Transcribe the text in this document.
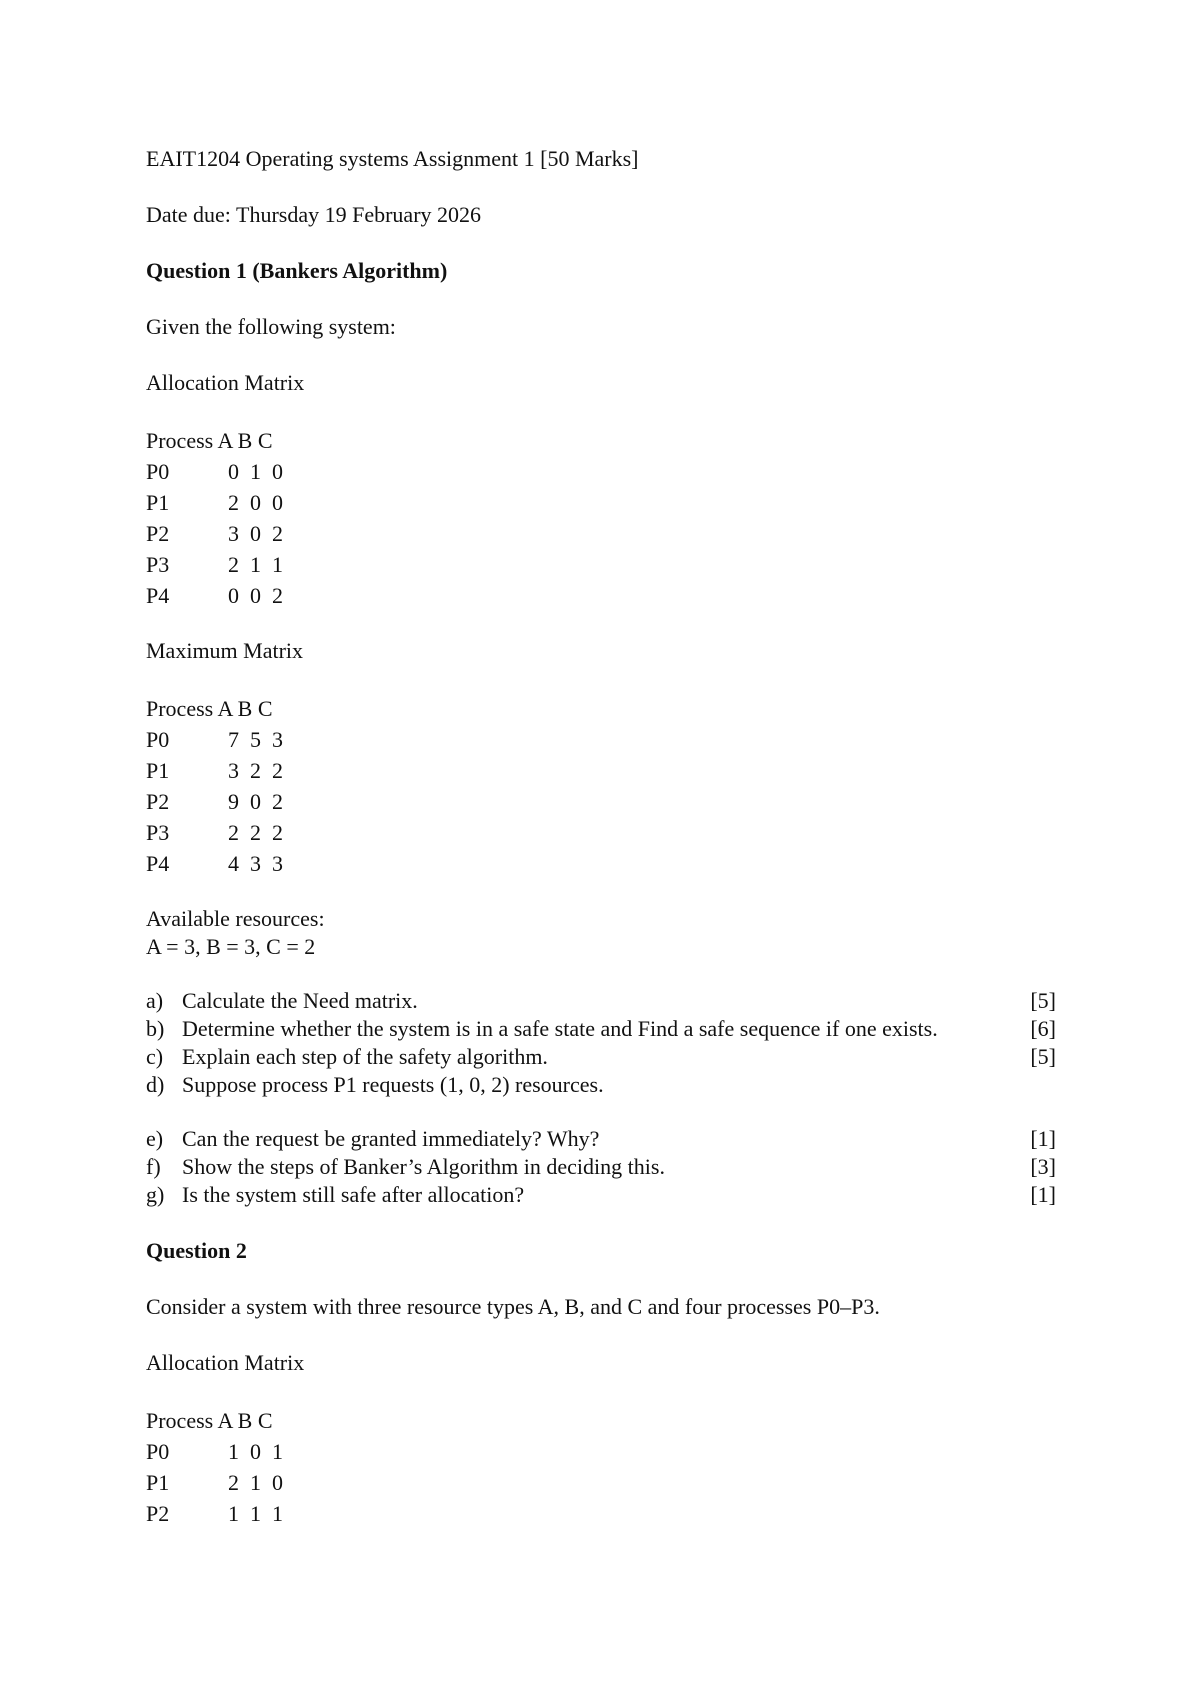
EAIT1204 Operating systems Assignment 1 [50 Marks]

Date due: Thursday 19 February 2026

Question 1 (Bankers Algorithm)

Given the following system:

Allocation Matrix

Process A B C
P0	0 1 0
P1	2 0 0
P2	3 0 2
P3	2 1 1
P4	0 0 2

Maximum Matrix

Process A B C
P0	7 5 3
P1	3 2 2
P2	9 0 2
P3	2 2 2
P4	4 3 3

Available resources:

A = 3, B = 3, C = 2

a) Calculate the Need matrix.	[5]
b) Determine whether the system is in a safe state and Find a safe sequence if one exists.	[6]
c) Explain each step of the safety algorithm.	[5]
d) Suppose process P1 requests (1, 0, 2) resources.
e) Can the request be granted immediately? Why?	[1]
f) Show the steps of Banker’s Algorithm in deciding this.	[3]
g) Is the system still safe after allocation?	[1]

Question 2

Consider a system with three resource types A, B, and C and four processes P0–P3.

Allocation Matrix

Process A B C
P0	1 0 1
P1	2 1 0
P2	1 1 1
